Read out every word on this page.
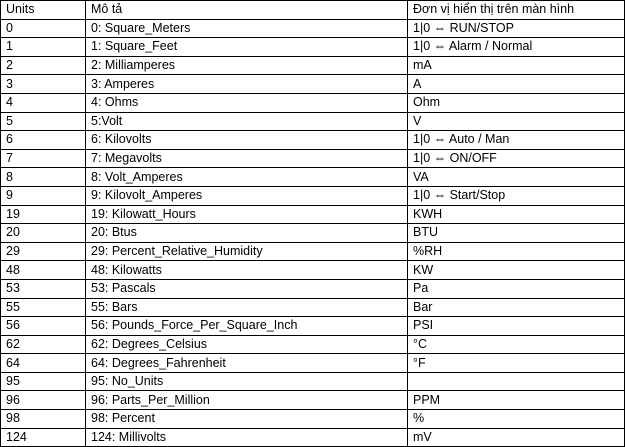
Units	Mô tả	Đơn vị hiển thị trên màn hình
0	0: Square_Meters	1|0 ⇔ RUN/STOP
1	1: Square_Feet	1|0 ⇔ Alarm / Normal
2	2: Milliamperes	mA
3	3: Amperes	A
4	4: Ohms	Ohm
5	5:Volt	V
6	6: Kilovolts	1|0 ⇔ Auto / Man
7	7: Megavolts	1|0 ⇔ ON/OFF
8	8: Volt_Amperes	VA
9	9: Kilovolt_Amperes	1|0 ⇔ Start/Stop
19	19: Kilowatt_Hours	KWH
20	20: Btus	BTU
29	29: Percent_Relative_Humidity	%RH
48	48: Kilowatts	KW
53	53: Pascals	Pa
55	55: Bars	Bar
56	56: Pounds_Force_Per_Square_Inch	PSI
62	62: Degrees_Celsius	°C
64	64: Degrees_Fahrenheit	°F
95	95: No_Units	
96	96: Parts_Per_Million	PPM
98	98: Percent	%
124	124: Millivolts	mV
